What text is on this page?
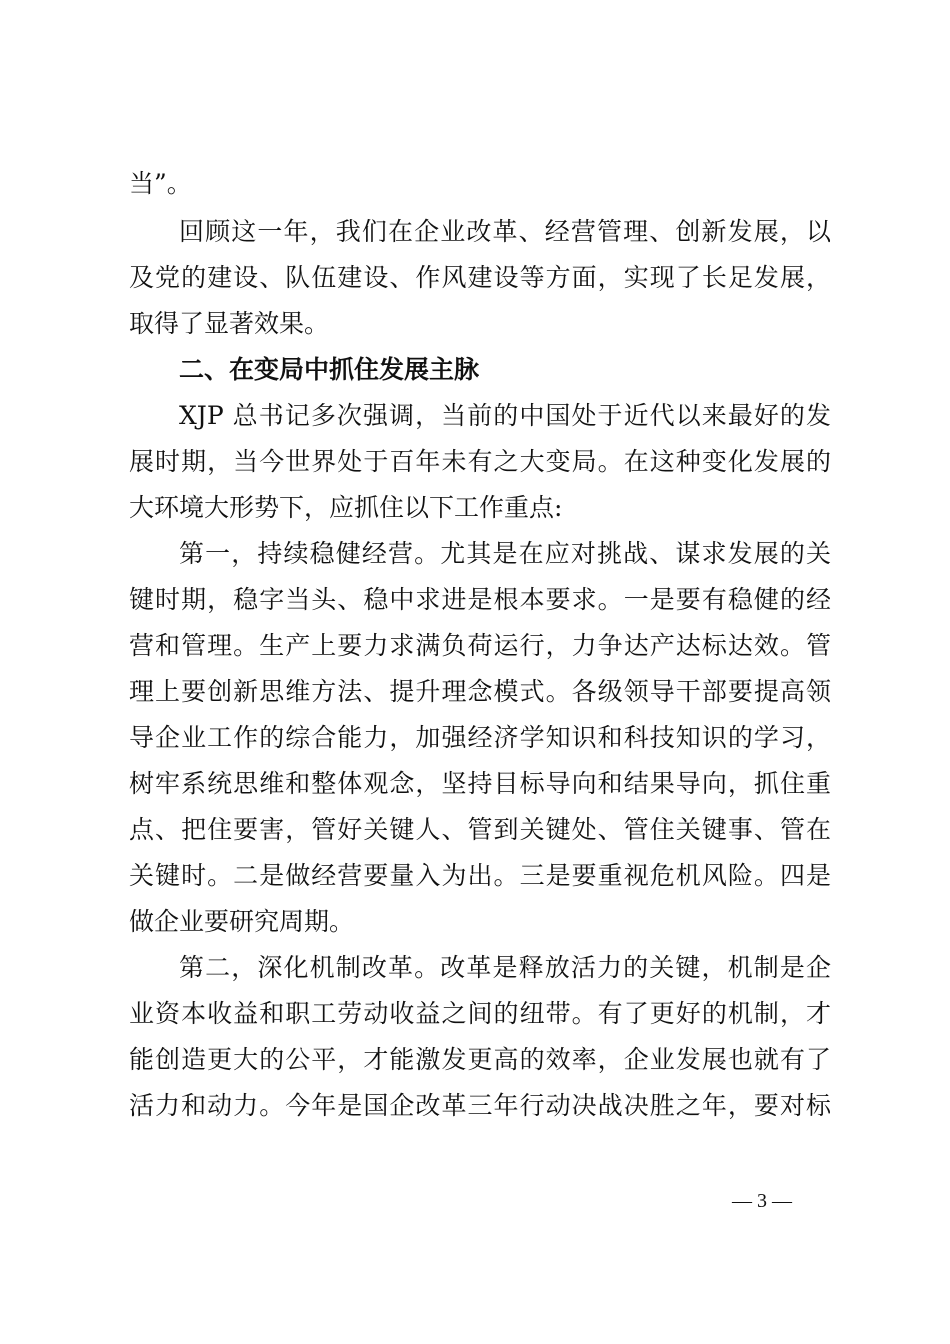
当”。
回顾这一年，我们在企业改革、经营管理、创新发展，以
及党的建设、队伍建设、作风建设等方面，实现了长足发展，
取得了显著效果。
二、在变局中抓住发展主脉
XJP 总书记多次强调，当前的中国处于近代以来最好的发
展时期，当今世界处于百年未有之大变局。在这种变化发展的
大环境大形势下，应抓住以下工作重点:
第一，持续稳健经营。尤其是在应对挑战、谋求发展的关
键时期，稳字当头、稳中求进是根本要求。一是要有稳健的经
营和管理。生产上要力求满负荷运行，力争达产达标达效。管
理上要创新思维方法、提升理念模式。各级领导干部要提高领
导企业工作的综合能力，加强经济学知识和科技知识的学习，
树牢系统思维和整体观念，坚持目标导向和结果导向，抓住重
点、把住要害，管好关键人、管到关键处、管住关键事、管在
关键时。二是做经营要量入为出。三是要重视危机风险。四是
做企业要研究周期。
第二，深化机制改革。改革是释放活力的关键，机制是企
业资本收益和职工劳动收益之间的纽带。有了更好的机制，才
能创造更大的公平，才能激发更高的效率，企业发展也就有了
活力和动力。今年是国企改革三年行动决战决胜之年，要对标
— 3 —
